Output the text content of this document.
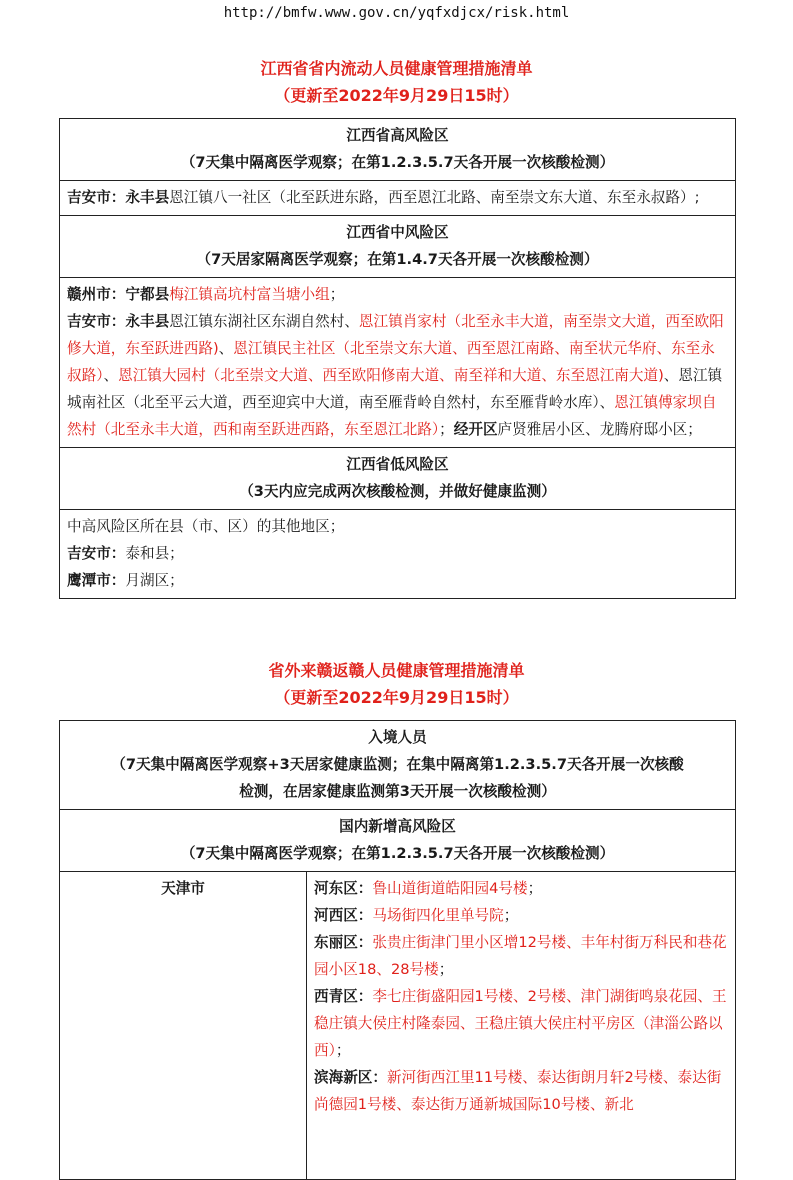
http://bmfw.www.gov.cn/yqfxdjcx/risk.html
江西省省内流动人员健康管理措施清单
（更新至2022年9月29日15时）
江西省高风险区
（7天集中隔离医学观察；在第1.2.3.5.7天各开展一次核酸检测）

吉安市：永丰县恩江镇八一社区（北至跃进东路，西至恩江北路、南至崇文东大道、东至永叔路）;

江西省中风险区
（7天居家隔离医学观察；在第1.4.7天各开展一次核酸检测）

赣州市：宁都县梅江镇高坑村富当塘小组；
吉安市：永丰县恩江镇东湖社区东湖自然村、恩江镇肖家村（北至永丰大道，南至崇文大道，西至欧阳修大道，东至跃进西路)、恩江镇民主社区（北至崇文东大道、西至恩江南路、南至状元华府、东至永叔路）、恩江镇大园村（北至崇文大道、西至欧阳修南大道、南至祥和大道、东至恩江南大道)、恩江镇城南社区（北至平云大道，西至迎宾中大道，南至雁背岭自然村，东至雁背岭水库）、恩江镇傅家坝自然村（北至永丰大道，西和南至跃进西路，东至恩江北路）；经开区庐贤雅居小区、龙腾府邸小区；

江西省低风险区
（3天内应完成两次核酸检测，并做好健康监测）

中高风险区所在县（市、区）的其他地区；
吉安市：泰和县；
鹰潭市：月湖区；
省外来赣返赣人员健康管理措施清单
（更新至2022年9月29日15时）
入境人员
（7天集中隔离医学观察+3天居家健康监测；在集中隔离第1.2.3.5.7天各开展一次核酸检测，在居家健康监测第3天开展一次核酸检测）

国内新增高风险区
（7天集中隔离医学观察；在第1.2.3.5.7天各开展一次核酸检测）

天津市	河东区：鲁山道街道皓阳园4号楼；
河西区：马场街四化里单号院；
东丽区：张贵庄街津门里小区增12号楼、丰年村街万科民和巷花园小区18、28号楼；
西青区：李七庄街盛阳园1号楼、2号楼、津门湖街鸣泉花园、王稳庄镇大侯庄村隆泰园、王稳庄镇大侯庄村平房区（津淄公路以西）；
滨海新区：新河街西江里11号楼、泰达街朗月轩2号楼、泰达街尚德园1号楼、泰达街万通新城国际10号楼、新北
